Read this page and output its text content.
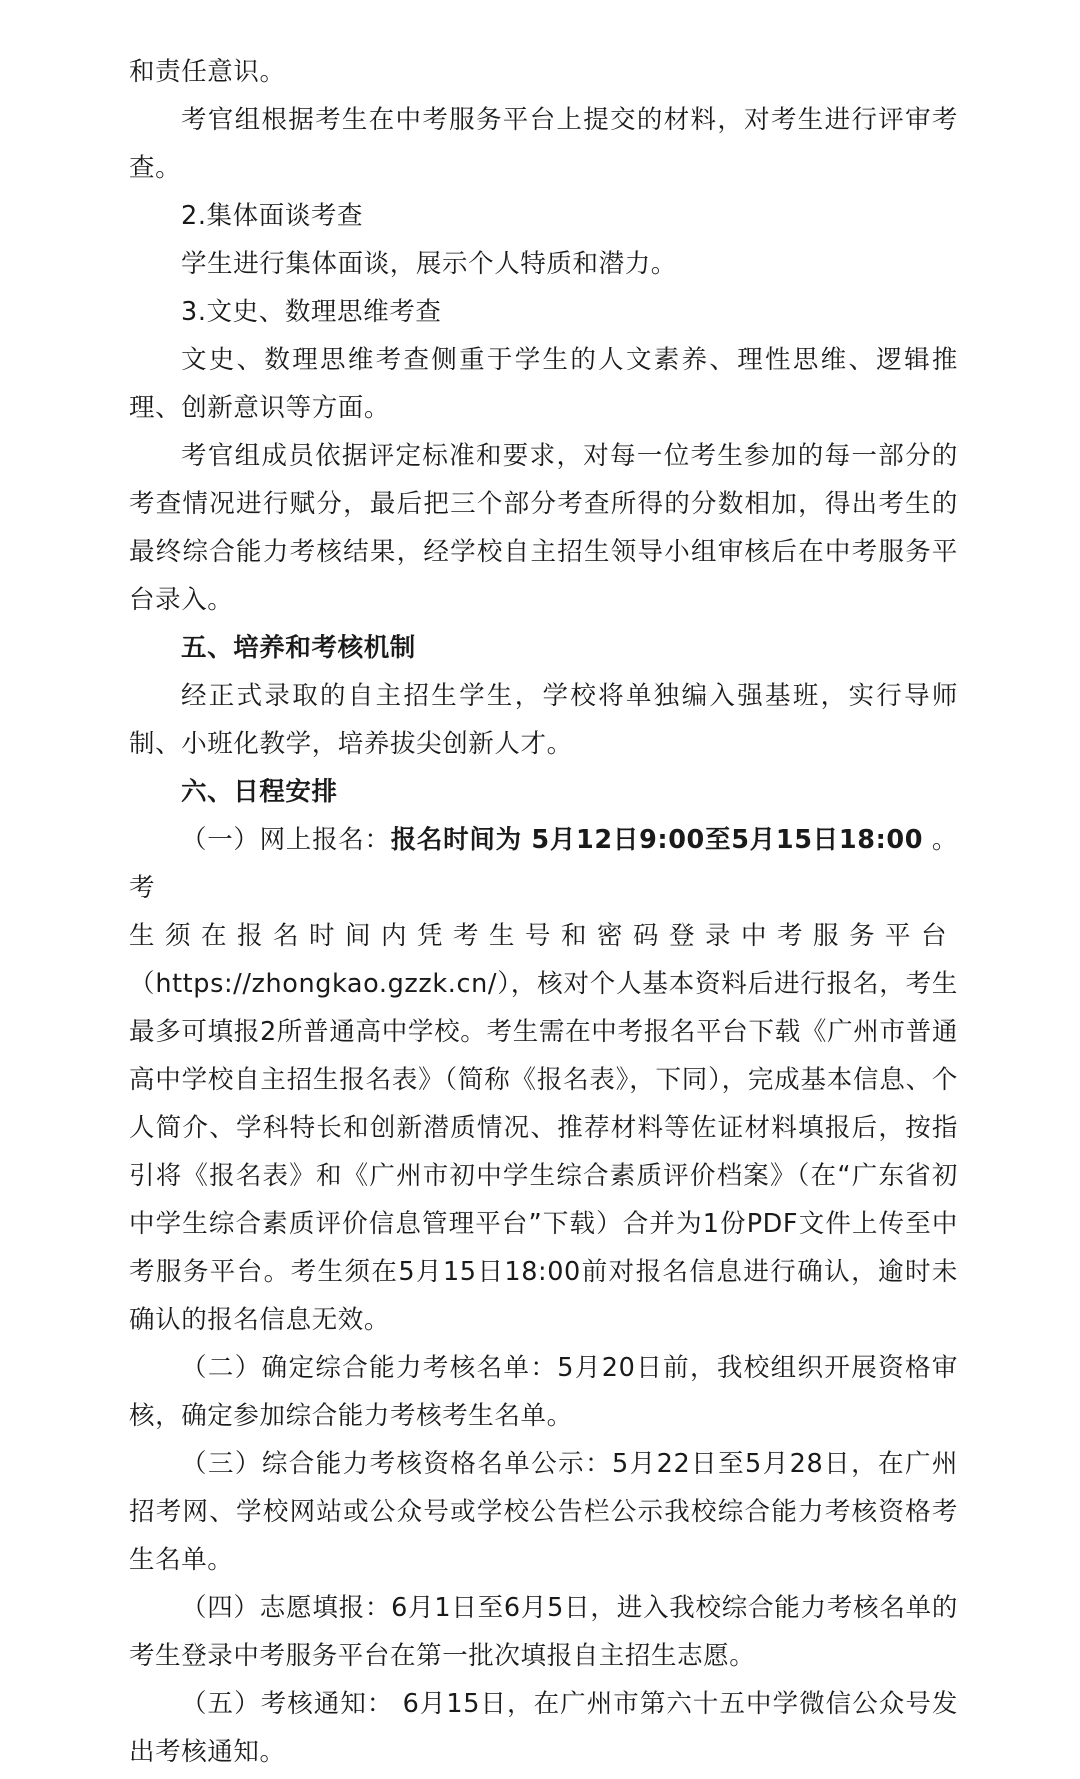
和责任意识。

考官组根据考生在中考服务平台上提交的材料，对考生进行评审考查。

2.集体面谈考查

学生进行集体面谈，展示个人特质和潜力。

3.文史、数理思维考查

文史、数理思维考查侧重于学生的人文素养、理性思维、逻辑推理、创新意识等方面。

考官组成员依据评定标准和要求，对每一位考生参加的每一部分的考查情况进行赋分，最后把三个部分考查所得的分数相加，得出考生的最终综合能力考核结果，经学校自主招生领导小组审核后在中考服务平台录入。

五、培养和考核机制

经正式录取的自主招生学生，学校将单独编入强基班，实行导师制、小班化教学，培养拔尖创新人才。

六、日程安排

（一）网上报名：报名时间为 5月12日9:00至5月15日18:00 。考

生须在报名时间内凭考生号和密码登录中考服务平台

（https://zhongkao.gzzk.cn/），核对个人基本资料后进行报名，考生最多可填报2所普通高中学校。考生需在中考报名平台下载《广州市普通高中学校自主招生报名表》（简称《报名表》，下同），完成基本信息、个人简介、学科特长和创新潜质情况、推荐材料等佐证材料填报后，按指引将《报名表》和《广州市初中学生综合素质评价档案》（在“广东省初中学生综合素质评价信息管理平台”下载）合并为1份PDF文件上传至中考服务平台。考生须在5月15日18:00前对报名信息进行确认，逾时未确认的报名信息无效。

（二）确定综合能力考核名单：5月20日前，我校组织开展资格审核，确定参加综合能力考核考生名单。

（三）综合能力考核资格名单公示：5月22日至5月28日，在广州招考网、学校网站或公众号或学校公告栏公示我校综合能力考核资格考生名单。

（四）志愿填报：6月1日至6月5日，进入我校综合能力考核名单的考生登录中考服务平台在第一批次填报自主招生志愿。

（五）考核通知： 6月15日，在广州市第六十五中学微信公众号发出考核通知。
